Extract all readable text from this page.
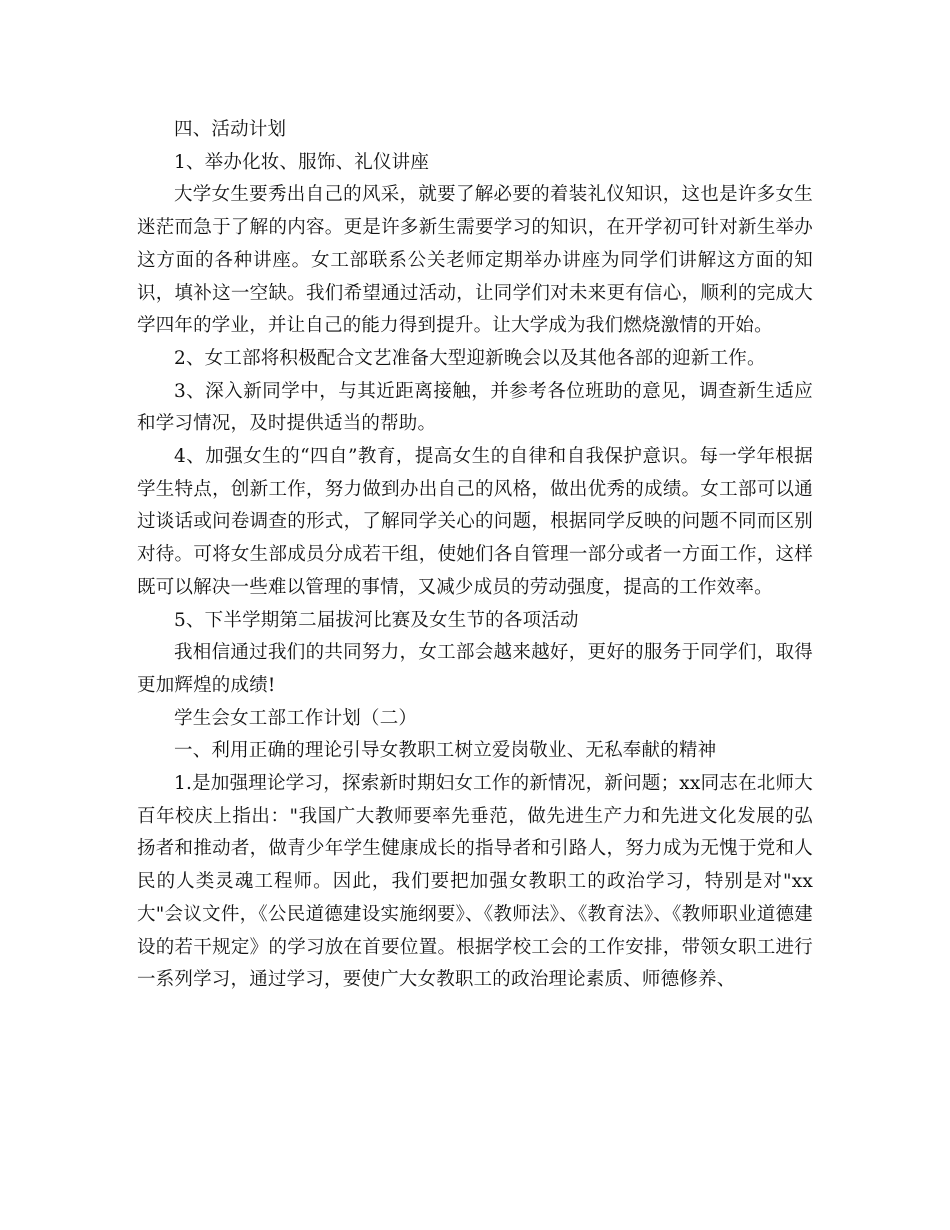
四、活动计划

1、举办化妆、服饰、礼仪讲座

大学女生要秀出自己的风采，就要了解必要的着装礼仪知识，这也是许多女生迷茫而急于了解的内容。更是许多新生需要学习的知识，在开学初可针对新生举办这方面的各种讲座。女工部联系公关老师定期举办讲座为同学们讲解这方面的知识，填补这一空缺。我们希望通过活动，让同学们对未来更有信心，顺利的完成大学四年的学业，并让自己的能力得到提升。让大学成为我们燃烧激情的开始。

2、女工部将积极配合文艺准备大型迎新晚会以及其他各部的迎新工作。

3、深入新同学中，与其近距离接触，并参考各位班助的意见，调查新生适应和学习情况，及时提供适当的帮助。

4、加强女生的“四自”教育，提高女生的自律和自我保护意识。每一学年根据学生特点，创新工作，努力做到办出自己的风格，做出优秀的成绩。女工部可以通过谈话或问卷调查的形式，了解同学关心的问题，根据同学反映的问题不同而区别对待。可将女生部成员分成若干组，使她们各自管理一部分或者一方面工作，这样既可以解决一些难以管理的事情，又减少成员的劳动强度，提高的工作效率。

5、下半学期第二届拔河比赛及女生节的各项活动

我相信通过我们的共同努力，女工部会越来越好，更好的服务于同学们，取得更加辉煌的成绩!

学生会女工部工作计划（二）

一、利用正确的理论引导女教职工树立爱岗敬业、无私奉献的精神

1.是加强理论学习，探索新时期妇女工作的新情况，新问题；xx同志在北师大百年校庆上指出："我国广大教师要率先垂范，做先进生产力和先进文化发展的弘扬者和推动者，做青少年学生健康成长的指导者和引路人，努力成为无愧于党和人民的人类灵魂工程师。因此，我们要把加强女教职工的政治学习，特别是对"xx大"会议文件，《公民道德建设实施纲要》、《教师法》、《教育法》、《教师职业道德建设的若干规定》的学习放在首要位置。根据学校工会的工作安排，带领女职工进行一系列学习，通过学习，要使广大女教职工的政治理论素质、师德修养、
